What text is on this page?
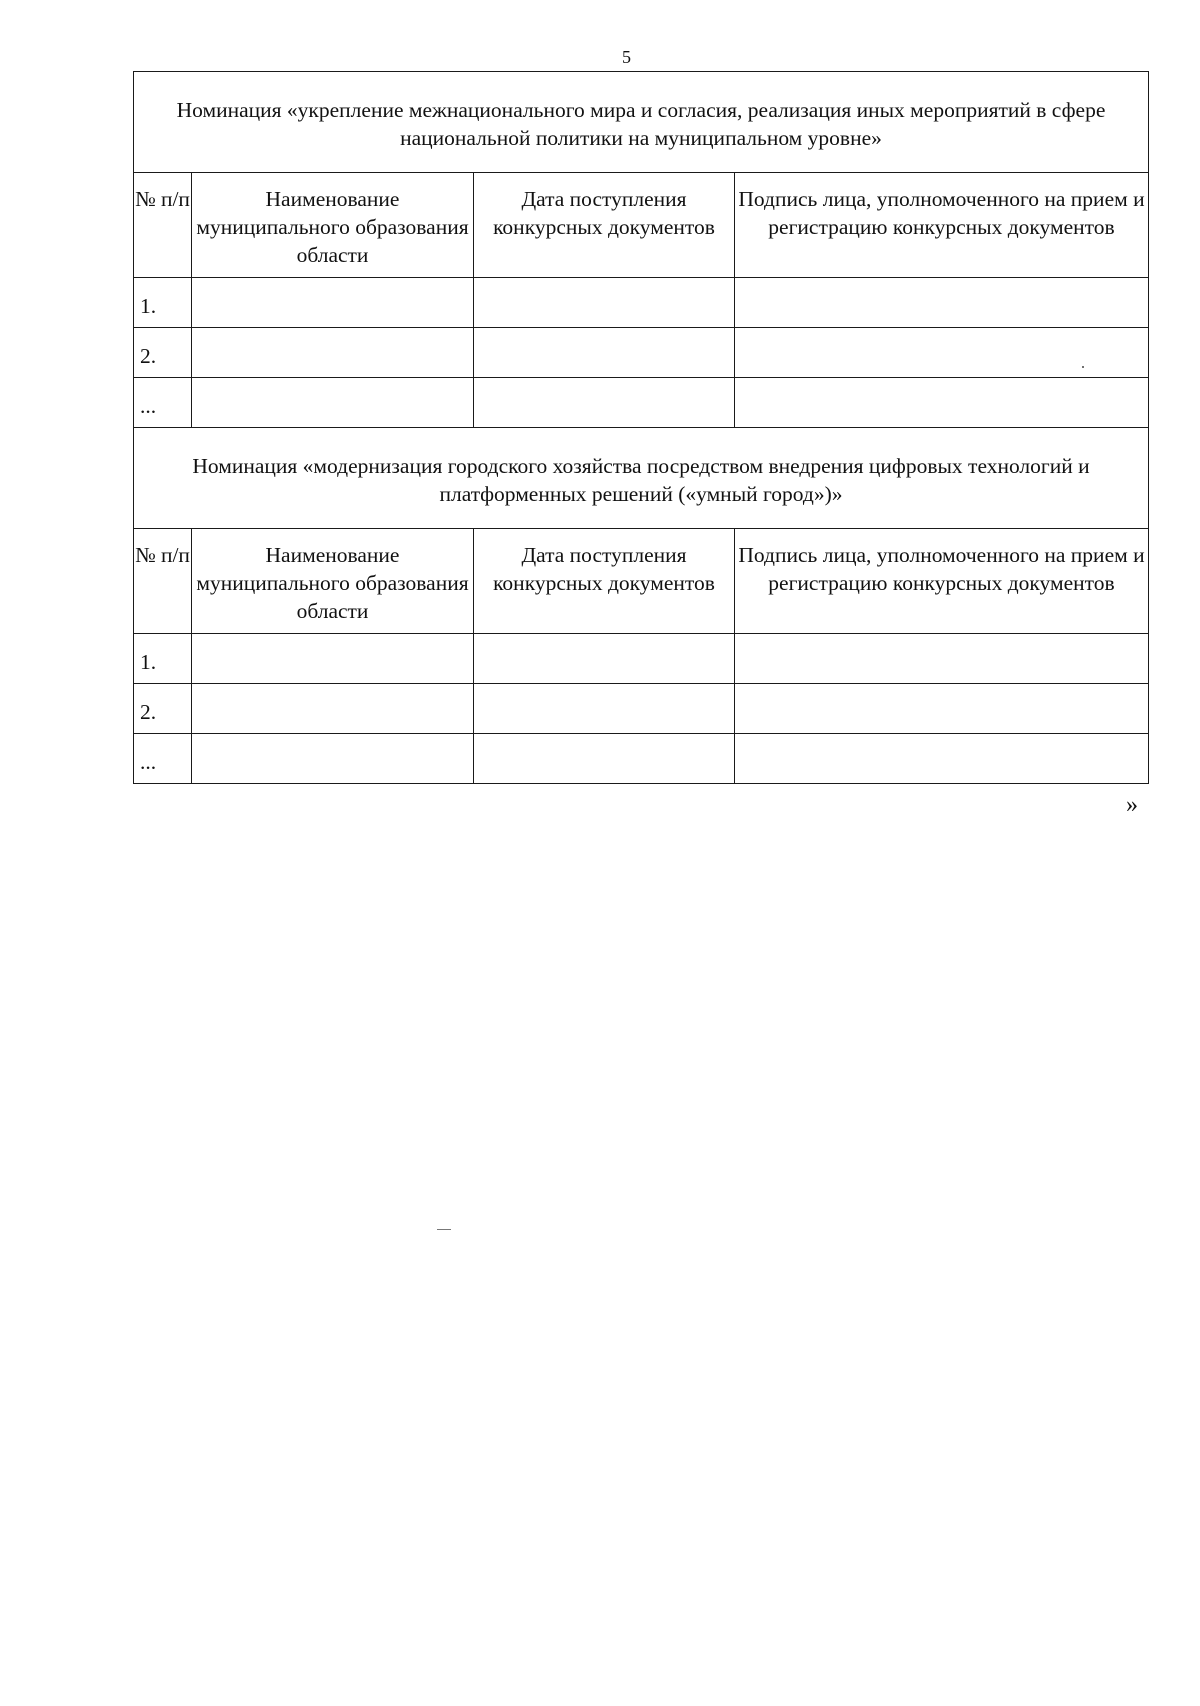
5
Номинация «укрепление межнационального мира и согласия, реализация иных мероприятий в сфере национальной политики на муниципальном уровне»			
№ п/п	Наименование муниципального образования области	Дата поступления конкурсных документов	Подпись лица, уполномоченного на прием и регистрацию конкурсных документов
1.			
2.			
...			
Номинация «модернизация городского хозяйства посредством внедрения цифровых технологий и платформенных решений («умный город»)»			
№ п/п	Наименование муниципального образования области	Дата поступления конкурсных документов	Подпись лица, уполномоченного на прием и регистрацию конкурсных документов
1.			
2.			
...			
»
